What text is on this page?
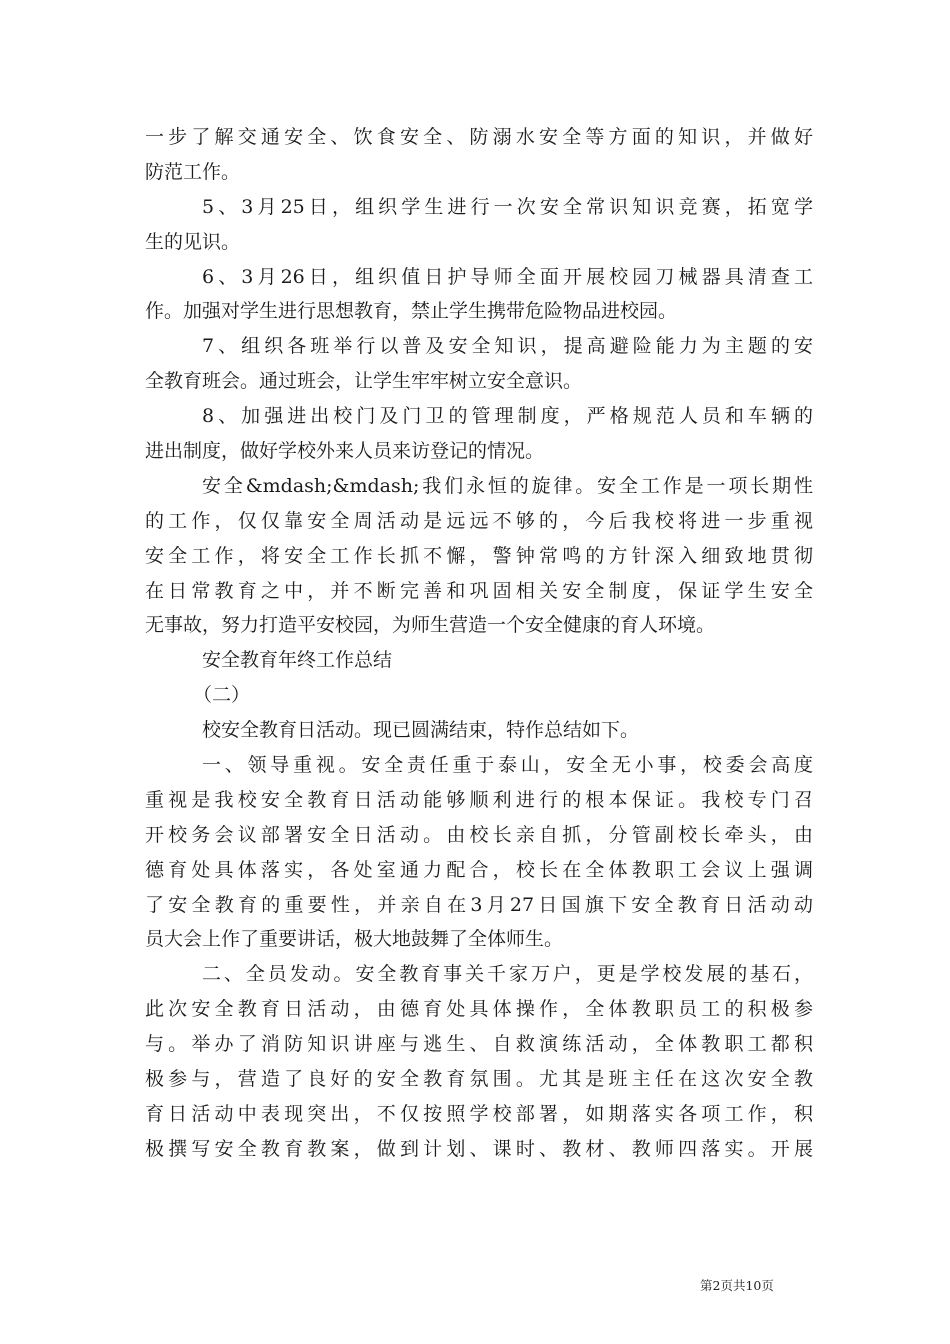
一步了解交通安全、饮食安全、防溺水安全等方面的知识，并做好
防范工作。
5、3月25日，组织学生进行一次安全常识知识竞赛，拓宽学
生的见识。
6、3月26日，组织值日护导师全面开展校园刀械器具清查工
作。加强对学生进行思想教育，禁止学生携带危险物品进校园。
7、组织各班举行以普及安全知识，提高避险能力为主题的安
全教育班会。通过班会，让学生牢牢树立安全意识。
8、加强进出校门及门卫的管理制度，严格规范人员和车辆的
进出制度，做好学校外来人员来访登记的情况。
安全&mdash;&mdash;我们永恒的旋律。安全工作是一项长期性
的工作，仅仅靠安全周活动是远远不够的，今后我校将进一步重视
安全工作，将安全工作长抓不懈，警钟常鸣的方针深入细致地贯彻
在日常教育之中，并不断完善和巩固相关安全制度，保证学生安全
无事故，努力打造平安校园，为师生营造一个安全健康的育人环境。
安全教育年终工作总结
（二）
校安全教育日活动。现已圆满结束，特作总结如下。
一、领导重视。安全责任重于泰山，安全无小事，校委会高度
重视是我校安全教育日活动能够顺利进行的根本保证。我校专门召
开校务会议部署安全日活动。由校长亲自抓，分管副校长牵头，由
德育处具体落实，各处室通力配合，校长在全体教职工会议上强调
了安全教育的重要性，并亲自在3月27日国旗下安全教育日活动动
员大会上作了重要讲话，极大地鼓舞了全体师生。
二、全员发动。安全教育事关千家万户，更是学校发展的基石，
此次安全教育日活动，由德育处具体操作，全体教职员工的积极参
与。举办了消防知识讲座与逃生、自救演练活动，全体教职工都积
极参与，营造了良好的安全教育氛围。尤其是班主任在这次安全教
育日活动中表现突出，不仅按照学校部署，如期落实各项工作，积
极撰写安全教育教案，做到计划、课时、教材、教师四落实。开展
第2页共10页
